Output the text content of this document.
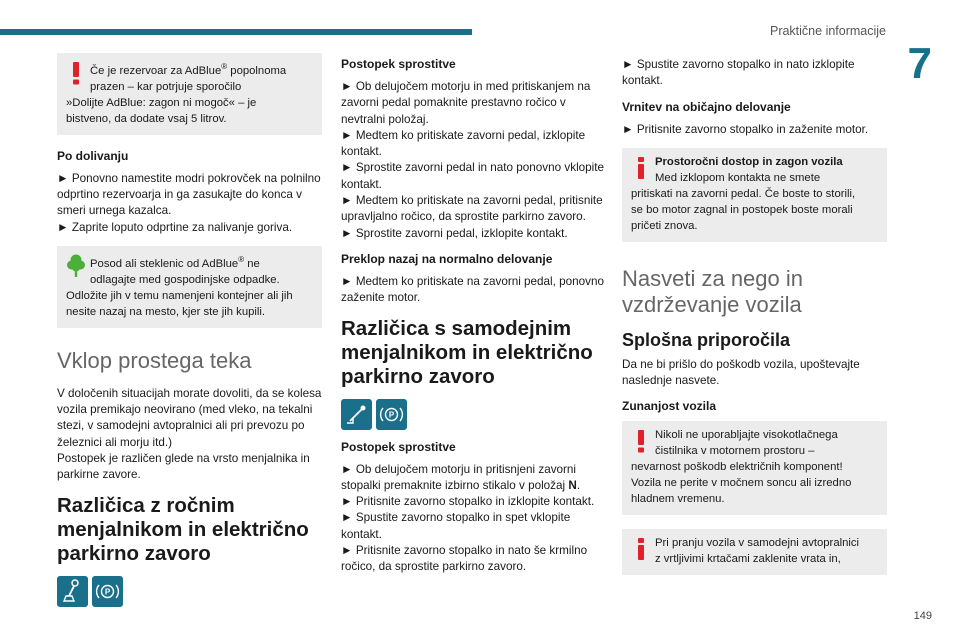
Praktične informacije
7
149
Če je rezervoar za AdBlue® popolnoma
prazen – kar potrjuje sporočilo
»Dolijte AdBlue: zagon ni mogoč« – je
bistveno, da dodate vsaj 5 litrov.
Po dolivanju

► Ponovno namestite modri pokrovček na polnilno odprtino rezervoarja in ga zasukajte do konca v smeri urnega kazalca.
► Zaprite loputo odprtine za nalivanje goriva.

Posod ali steklenic od AdBlue® ne
odlagajte med gospodinjske odpadke.
Odložite jih v temu namenjeni kontejner ali jih
nesite nazaj na mesto, kjer ste jih kupili.
Vklop prostega teka

V določenih situacijah morate dovoliti, da se kolesa vozila premikajo neovirano (med vleko, na tekalni stezi, v samodejni avtopralnici ali pri prevozu po železnici ali morju itd.)

Postopek je različen glede na vrsto menjalnika in parkirne zavore.

Različica z ročnim menjalnikom in električno parkirno zavoro
P
Postopek sprostitve

► Ob delujočem motorju in med pritiskanjem na zavorni pedal pomaknite prestavno ročico v nevtralni položaj.
► Medtem ko pritiskate zavorni pedal, izklopite kontakt.
► Sprostite zavorni pedal in nato ponovno vklopite kontakt.
► Medtem ko pritiskate na zavorni pedal, pritisnite upravljalno ročico, da sprostite parkirno zavoro.
► Sprostite zavorni pedal, izklopite kontakt.

Preklop nazaj na normalno delovanje

► Medtem ko pritiskate na zavorni pedal, ponovno zaženite motor.

Različica s samodejnim menjalnikom in električno parkirno zavoro
P
Postopek sprostitve

► Ob delujočem motorju in pritisnjeni zavorni stopalki premaknite izbirno stikalo v položaj N.
► Pritisnite zavorno stopalko in izklopite kontakt.
► Spustite zavorno stopalko in spet vklopite kontakt.
► Pritisnite zavorno stopalko in nato še krmilno ročico, da sprostite parkirno zavoro.

► Spustite zavorno stopalko in nato izklopite kontakt.

Vrnitev na običajno delovanje

► Pritisnite zavorno stopalko in zaženite motor.

Prostoročni dostop in zagon vozila
Med izklopom kontakta ne smete
pritiskati na zavorni pedal. Če boste to storili,
se bo motor zagnal in postopek boste morali
pričeti znova.
Nasveti za nego in vzdrževanje vozila
Splošna priporočila

Da ne bi prišlo do poškodb vozila, upoštevajte naslednje nasvete.

Zunanjost vozila
Nikoli ne uporabljajte visokotlačnega
čistilnika v motornem prostoru –
nevarnost poškodb električnih komponent!
Vozila ne perite v močnem soncu ali izredno
hladnem vremenu.
Pri pranju vozila v samodejni avtopralnici
z vrtljivimi krtačami zaklenite vrata in,
